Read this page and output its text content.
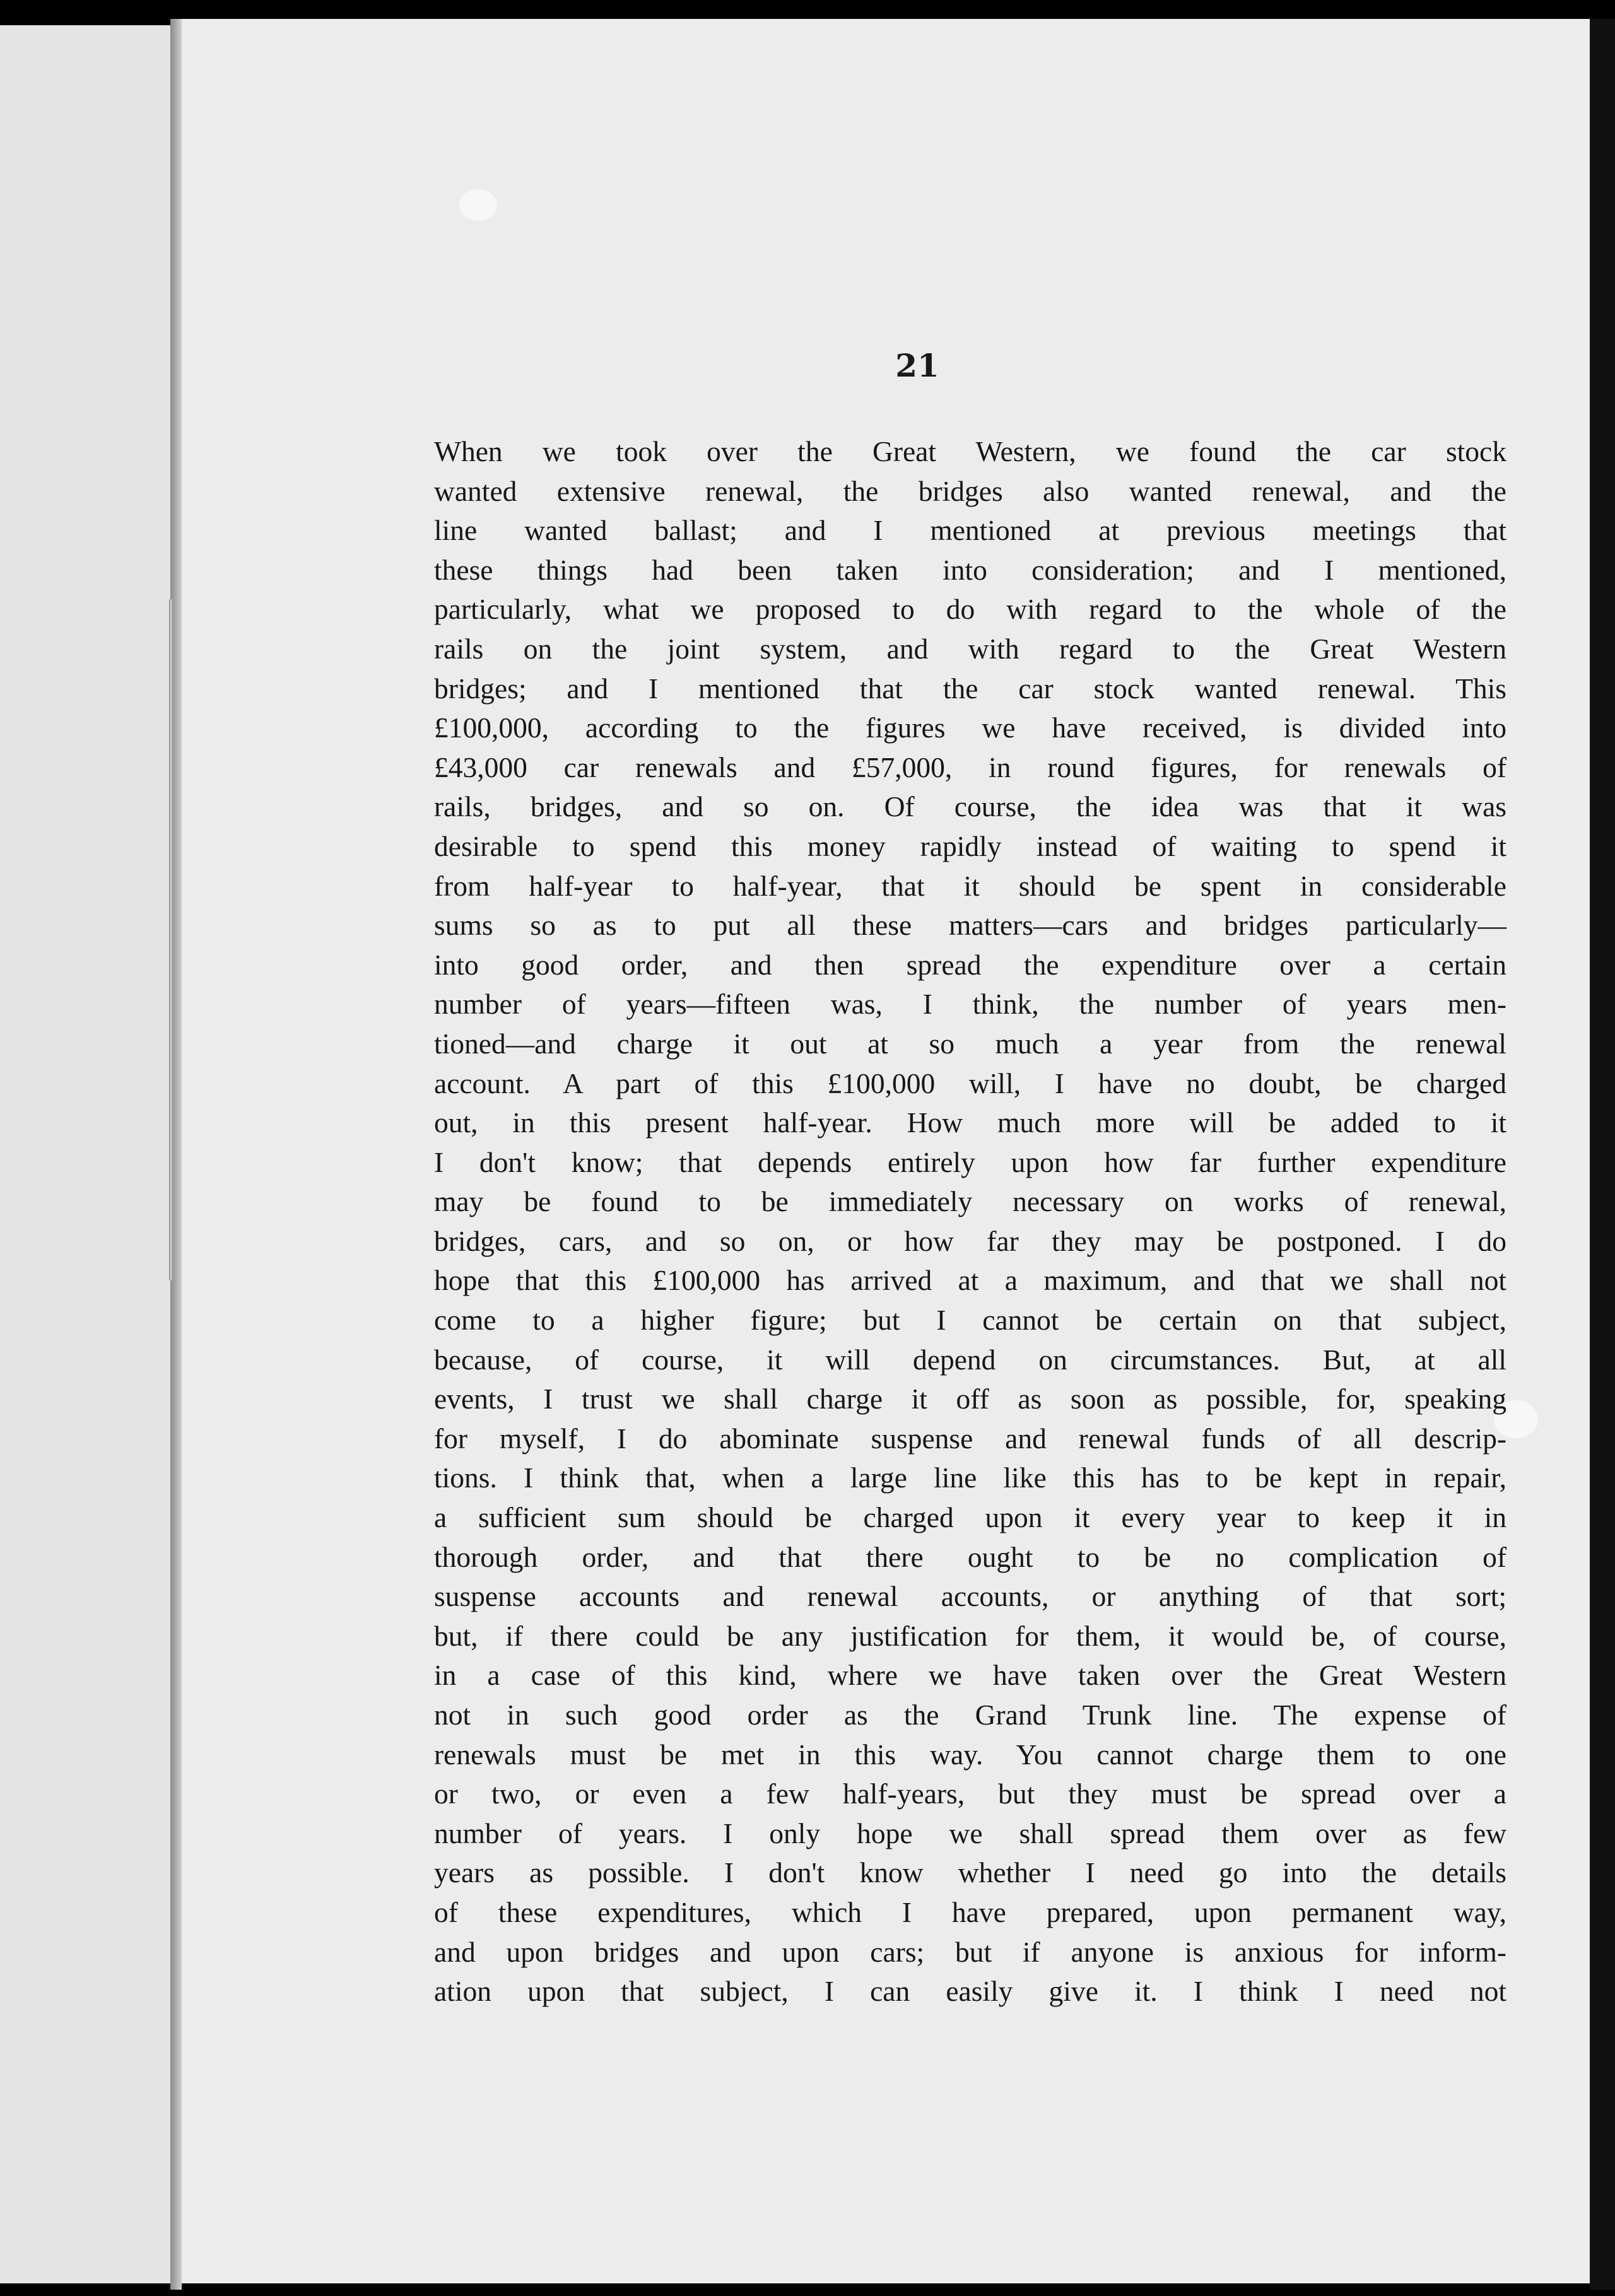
21
When we took over the Great Western, we found the car stock
wanted extensive renewal, the bridges also wanted renewal, and the
line wanted ballast; and I mentioned at previous meetings that
these things had been taken into consideration; and I mentioned,
particularly, what we proposed to do with regard to the whole of the
rails on the joint system, and with regard to the Great Western
bridges; and I mentioned that the car stock wanted renewal. This
£100,000, according to the figures we have received, is divided into
£43,000 car renewals and £57,000, in round figures, for renewals of
rails, bridges, and so on. Of course, the idea was that it was
desirable to spend this money rapidly instead of waiting to spend it
from half-year to half-year, that it should be spent in considerable
sums so as to put all these matters—cars and bridges particularly—
into good order, and then spread the expenditure over a certain
number of years—fifteen was, I think, the number of years men-
tioned—and charge it out at so much a year from the renewal
account. A part of this £100,000 will, I have no doubt, be charged
out, in this present half-year. How much more will be added to it
I don't know; that depends entirely upon how far further expenditure
may be found to be immediately necessary on works of renewal,
bridges, cars, and so on, or how far they may be postponed. I do
hope that this £100,000 has arrived at a maximum, and that we shall not
come to a higher figure; but I cannot be certain on that subject,
because, of course, it will depend on circumstances. But, at all
events, I trust we shall charge it off as soon as possible, for, speaking
for myself, I do abominate suspense and renewal funds of all descrip-
tions. I think that, when a large line like this has to be kept in repair,
a sufficient sum should be charged upon it every year to keep it in
thorough order, and that there ought to be no complication of
suspense accounts and renewal accounts, or anything of that sort;
but, if there could be any justification for them, it would be, of course,
in a case of this kind, where we have taken over the Great Western
not in such good order as the Grand Trunk line. The expense of
renewals must be met in this way. You cannot charge them to one
or two, or even a few half-years, but they must be spread over a
number of years. I only hope we shall spread them over as few
years as possible. I don't know whether I need go into the details
of these expenditures, which I have prepared, upon permanent way,
and upon bridges and upon cars; but if anyone is anxious for inform-
ation upon that subject, I can easily give it. I think I need not
